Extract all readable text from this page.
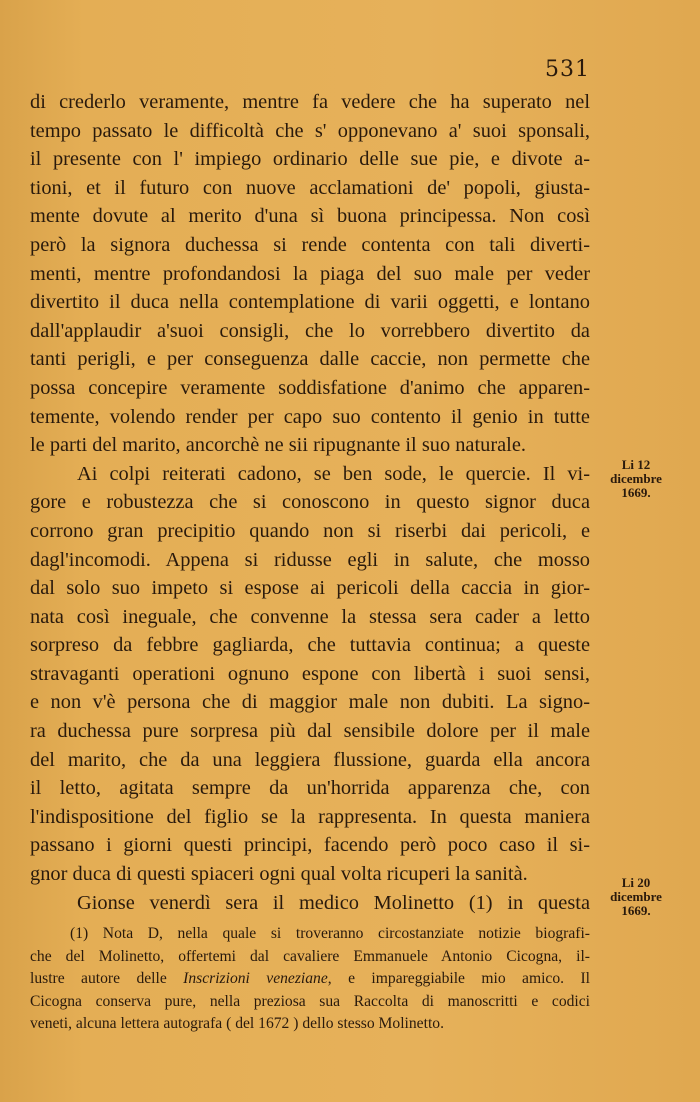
531
di crederlo veramente, mentre fa vedere che ha superato nel
tempo passato le difficoltà che s' opponevano a' suoi sponsali,
il presente con l' impiego ordinario delle sue pie, e divote a-
tioni, et il futuro con nuove acclamationi de' popoli, giusta-
mente dovute al merito d'una sì buona principessa. Non così
però la signora duchessa si rende contenta con tali diverti-
menti, mentre profondandosi la piaga del suo male per veder
divertito il duca nella contemplatione di varii oggetti, e lontano
dall'applaudir a'suoi consigli, che lo vorrebbero divertito da
tanti perigli, e per conseguenza dalle caccie, non permette che
possa concepire veramente soddisfatione d'animo che apparen-
temente, volendo render per capo suo contento il genio in tutte
le parti del marito, ancorchè ne sii ripugnante il suo naturale.
Ai colpi reiterati cadono, se ben sode, le quercie. Il vi-
gore e robustezza che si conoscono in questo signor duca
corrono gran precipitio quando non si riserbi dai pericoli, e
dagl'incomodi. Appena si ridusse egli in salute, che mosso
dal solo suo impeto si espose ai pericoli della caccia in gior-
nata così ineguale, che convenne la stessa sera cader a letto
sorpreso da febbre gagliarda, che tuttavia continua; a queste
stravaganti operationi ognuno espone con libertà i suoi sensi,
e non v'è persona che di maggior male non dubiti. La signo-
ra duchessa pure sorpresa più dal sensibile dolore per il male
del marito, che da una leggiera flussione, guarda ella ancora
il letto, agitata sempre da un'horrida apparenza che, con
l'indispositione del figlio se la rappresenta. In questa maniera
passano i giorni questi principi, facendo però poco caso il si-
gnor duca di questi spiaceri ogni qual volta ricuperi la sanità.
Gionse venerdì sera il medico Molinetto (1) in questa
Li 12
dicembre
1669.
Li 20
dicembre
1669.
(1) Nota D, nella quale si troveranno circostanziate notizie biografi-
che del Molinetto, offertemi dal cavaliere Emmanuele Antonio Cicogna, il-
lustre autore delle Inscrizioni veneziane, e impareggiabile mio amico. Il
Cicogna conserva pure, nella preziosa sua Raccolta di manoscritti e codici
veneti, alcuna lettera autografa ( del 1672 ) dello stesso Molinetto.
